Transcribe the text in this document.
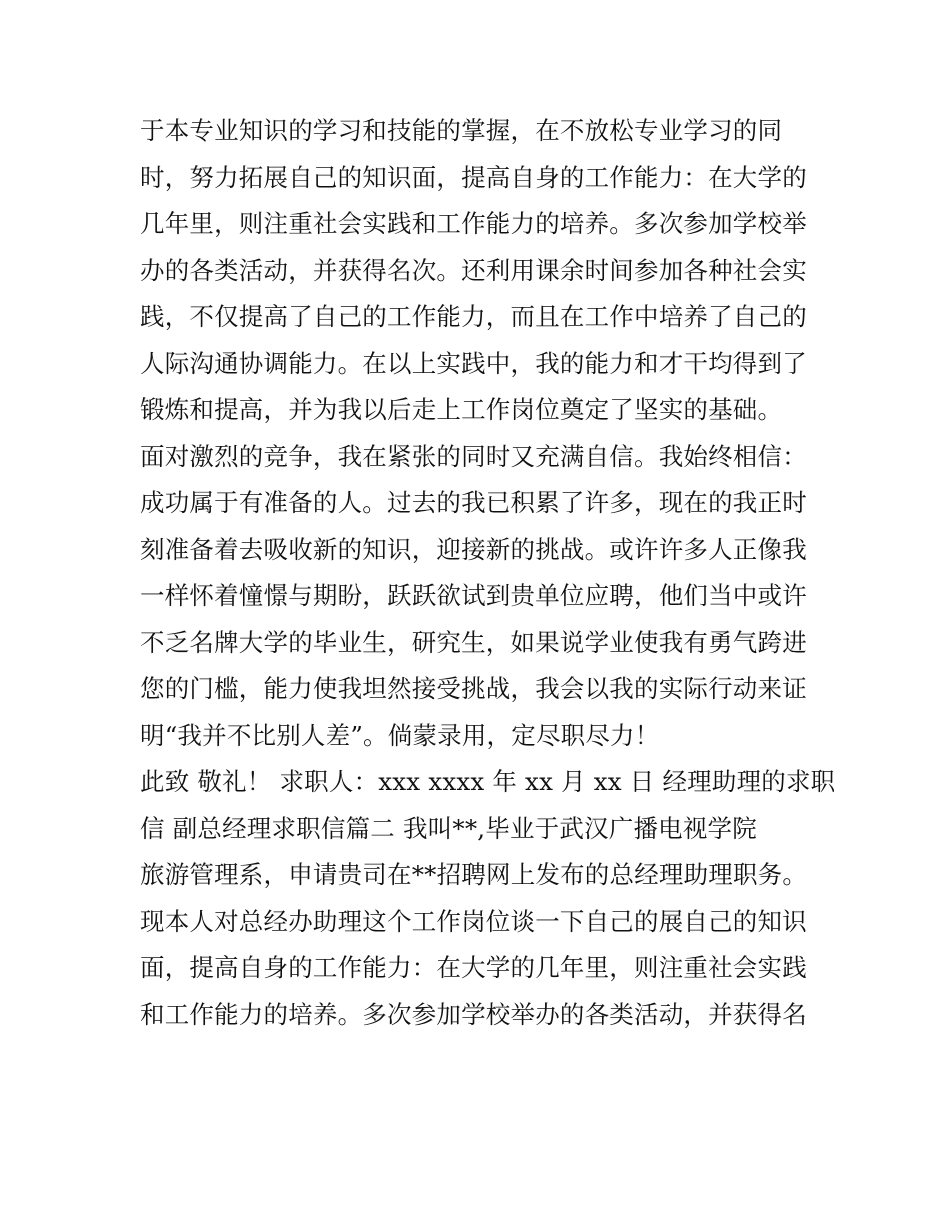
于本专业知识的学习和技能的掌握，在不放松专业学习的同
时，努力拓展自己的知识面，提高自身的工作能力：在大学的
几年里，则注重社会实践和工作能力的培养。多次参加学校举
办的各类活动，并获得名次。还利用课余时间参加各种社会实
践，不仅提高了自己的工作能力，而且在工作中培养了自己的
人际沟通协调能力。在以上实践中，我的能力和才干均得到了
锻炼和提高，并为我以后走上工作岗位奠定了坚实的基础。
面对激烈的竞争，我在紧张的同时又充满自信。我始终相信：
成功属于有准备的人。过去的我已积累了许多，现在的我正时
刻准备着去吸收新的知识，迎接新的挑战。或许许多人正像我
一样怀着憧憬与期盼，跃跃欲试到贵单位应聘，他们当中或许
不乏名牌大学的毕业生，研究生，如果说学业使我有勇气跨进
您的门槛，能力使我坦然接受挑战，我会以我的实际行动来证
明“我并不比别人差”。倘蒙录用，定尽职尽力！
此致 敬礼！ 求职人：xxx xxxx 年 xx 月 xx 日 经理助理的求职
信 副总经理求职信篇二 我叫**,毕业于武汉广播电视学院
旅游管理系，申请贵司在**招聘网上发布的总经理助理职务。
现本人对总经办助理这个工作岗位谈一下自己的展自己的知识
面，提高自身的工作能力：在大学的几年里，则注重社会实践
和工作能力的培养。多次参加学校举办的各类活动，并获得名
